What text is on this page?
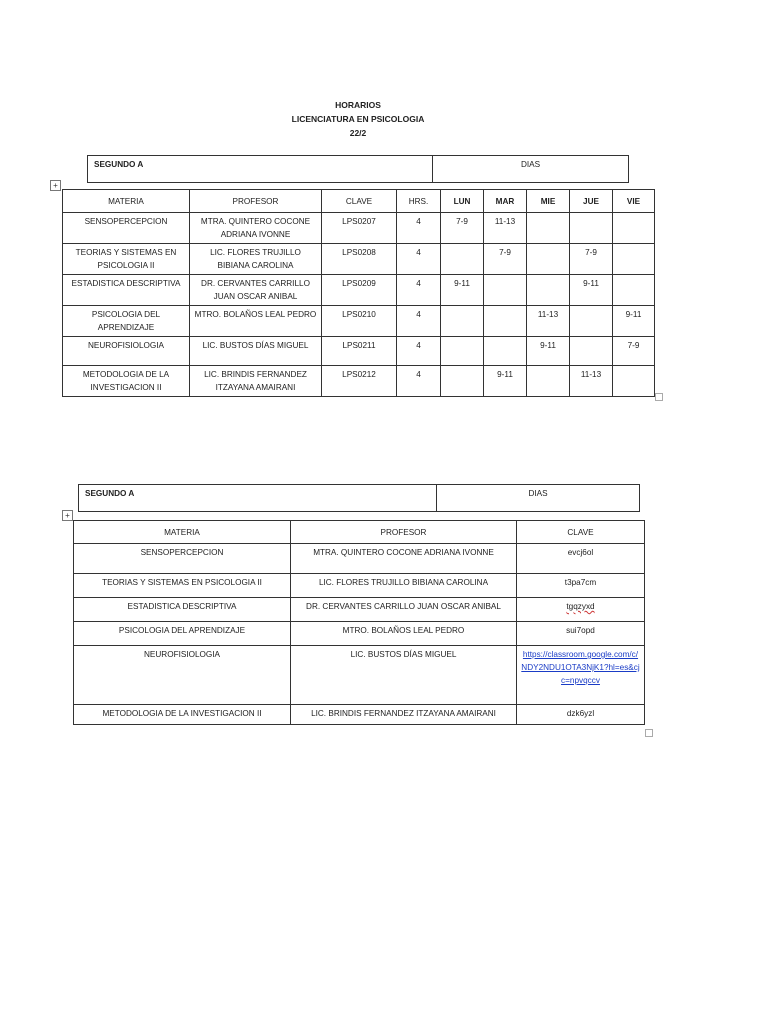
HORARIOS
LICENCIATURA EN PSICOLOGIA
22/2
SEGUNDO A	DIAS
+
MATERIA	PROFESOR	CLAVE	HRS.	LUN	MAR	MIE	JUE	VIE
SENSOPERCEPCION	MTRA. QUINTERO COCONE ADRIANA IVONNE	LPS0207	4	7-9	11-13			
TEORIAS Y SISTEMAS EN PSICOLOGIA II	LIC. FLORES TRUJILLO BIBIANA CAROLINA	LPS0208	4		7-9		7-9	
ESTADISTICA DESCRIPTIVA	DR. CERVANTES CARRILLO JUAN OSCAR ANIBAL	LPS0209	4	9-11			9-11	
PSICOLOGIA DEL APRENDIZAJE	MTRO. BOLAÑOS LEAL PEDRO	LPS0210	4			11-13		9-11
NEUROFISIOLOGIA	LIC. BUSTOS DÍAS MIGUEL	LPS0211	4			9-11		7-9
METODOLOGIA DE LA INVESTIGACION II	LIC. BRINDIS FERNANDEZ ITZAYANA AMAIRANI	LPS0212	4		9-11		11-13	
SEGUNDO A	DIAS
+
MATERIA	PROFESOR	CLAVE
SENSOPERCEPCION	MTRA. QUINTERO COCONE ADRIANA IVONNE	evcj6ol
TEORIAS Y SISTEMAS EN PSICOLOGIA II	LIC. FLORES TRUJILLO BIBIANA CAROLINA	t3pa7cm
ESTADISTICA DESCRIPTIVA	DR. CERVANTES CARRILLO JUAN OSCAR ANIBAL	tgqzyxd
PSICOLOGIA DEL APRENDIZAJE	MTRO. BOLAÑOS LEAL PEDRO	sui7opd
NEUROFISIOLOGIA	LIC. BUSTOS DÍAS MIGUEL	https://classroom.google.com/c/NDY2NDU1OTA3NjK1?hl=es&cjc=npvqccv
METODOLOGIA DE LA INVESTIGACION II	LIC. BRINDIS FERNANDEZ ITZAYANA AMAIRANI	dzk6yzl
